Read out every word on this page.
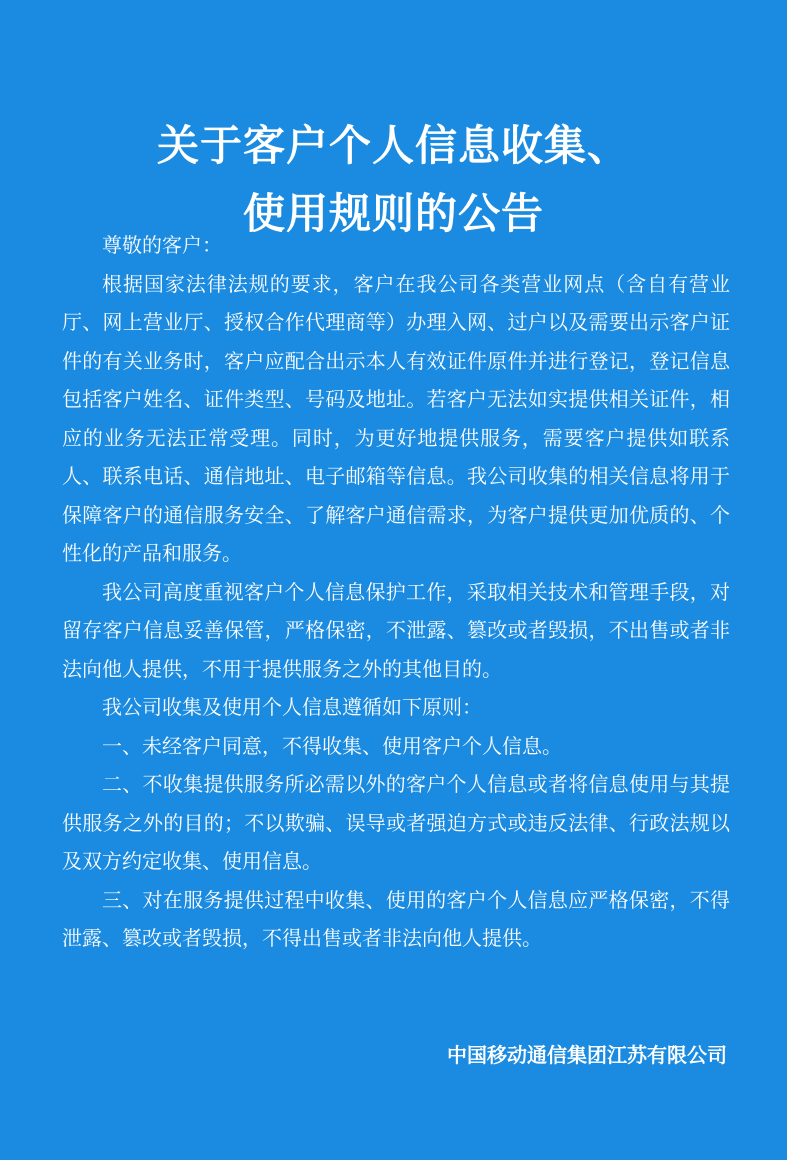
关于客户个人信息收集、
使用规则的公告

尊敬的客户：

根据国家法律法规的要求，客户在我公司各类营业网点（含自有营业厅、网上营业厅、授权合作代理商等）办理入网、过户以及需要出示客户证件的有关业务时，客户应配合出示本人有效证件原件并进行登记，登记信息包括客户姓名、证件类型、号码及地址。若客户无法如实提供相关证件，相应的业务无法正常受理。同时，为更好地提供服务，需要客户提供如联系人、联系电话、通信地址、电子邮箱等信息。我公司收集的相关信息将用于保障客户的通信服务安全、了解客户通信需求，为客户提供更加优质的、个性化的产品和服务。

我公司高度重视客户个人信息保护工作，采取相关技术和管理手段，对留存客户信息妥善保管，严格保密，不泄露、篡改或者毁损，不出售或者非法向他人提供，不用于提供服务之外的其他目的。

我公司收集及使用个人信息遵循如下原则：

一、未经客户同意，不得收集、使用客户个人信息。

二、不收集提供服务所必需以外的客户个人信息或者将信息使用与其提供服务之外的目的；不以欺骗、误导或者强迫方式或违反法律、行政法规以及双方约定收集、使用信息。

三、对在服务提供过程中收集、使用的客户个人信息应严格保密，不得泄露、篡改或者毁损，不得出售或者非法向他人提供。

中国移动通信集团江苏有限公司
